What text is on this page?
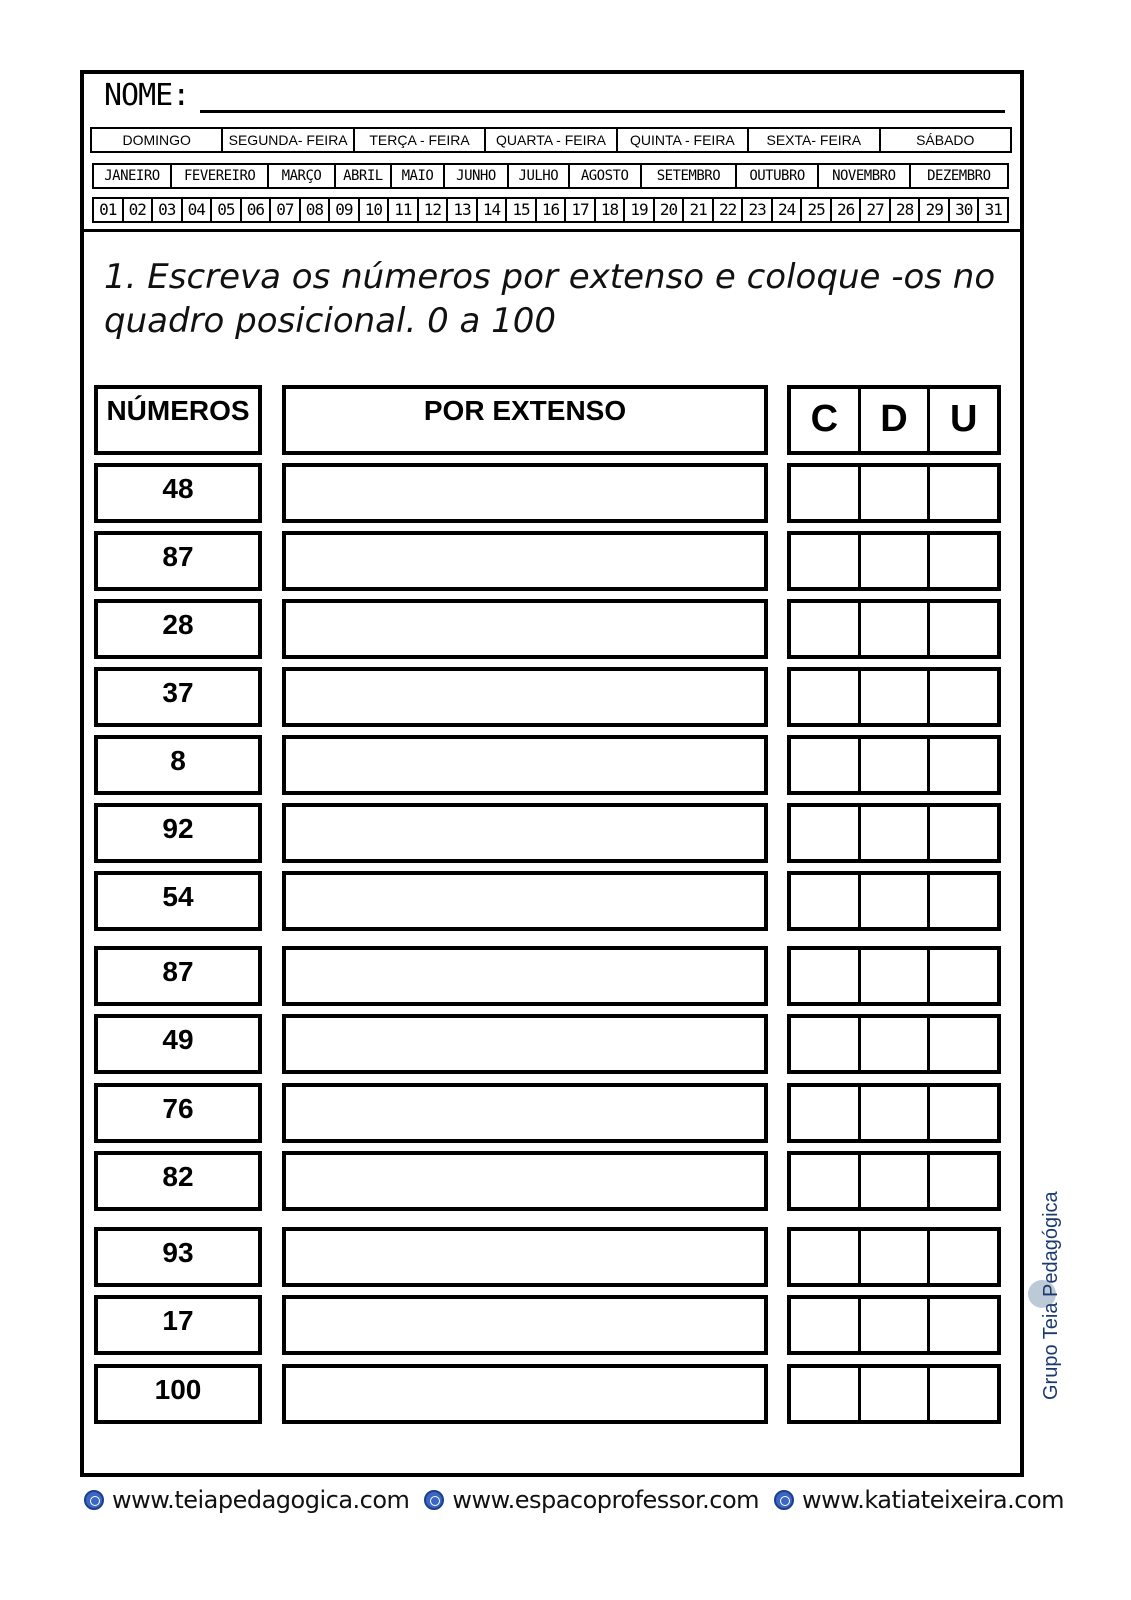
NOME:
DOMINGO	SEGUNDA- FEIRA	TERÇA - FEIRA	QUARTA - FEIRA	QUINTA - FEIRA	SEXTA- FEIRA	SÁBADO
JANEIRO	FEVEREIRO	MARÇO	ABRIL	MAIO	JUNHO	JULHO	AGOSTO	SETEMBRO	OUTUBRO	NOVEMBRO	DEZEMBRO
01 02 03 04 05 06 07 08 09 10 11 12 13 14 15 16 17 18 19 20 21 22 23 24 25 26 27 28 29 30 31
1. Escreva os números por extenso e coloque -os no quadro posicional. 0 a 100
NÚMEROS	POR EXTENSO	C	D	U
48
87
28
37
8
92
54
87
49
76
82
93
17
100	Grupo Teia Pedagógica
www.teiapedagogica.com www.espacoprofessor.com www.katiateixeira.com
